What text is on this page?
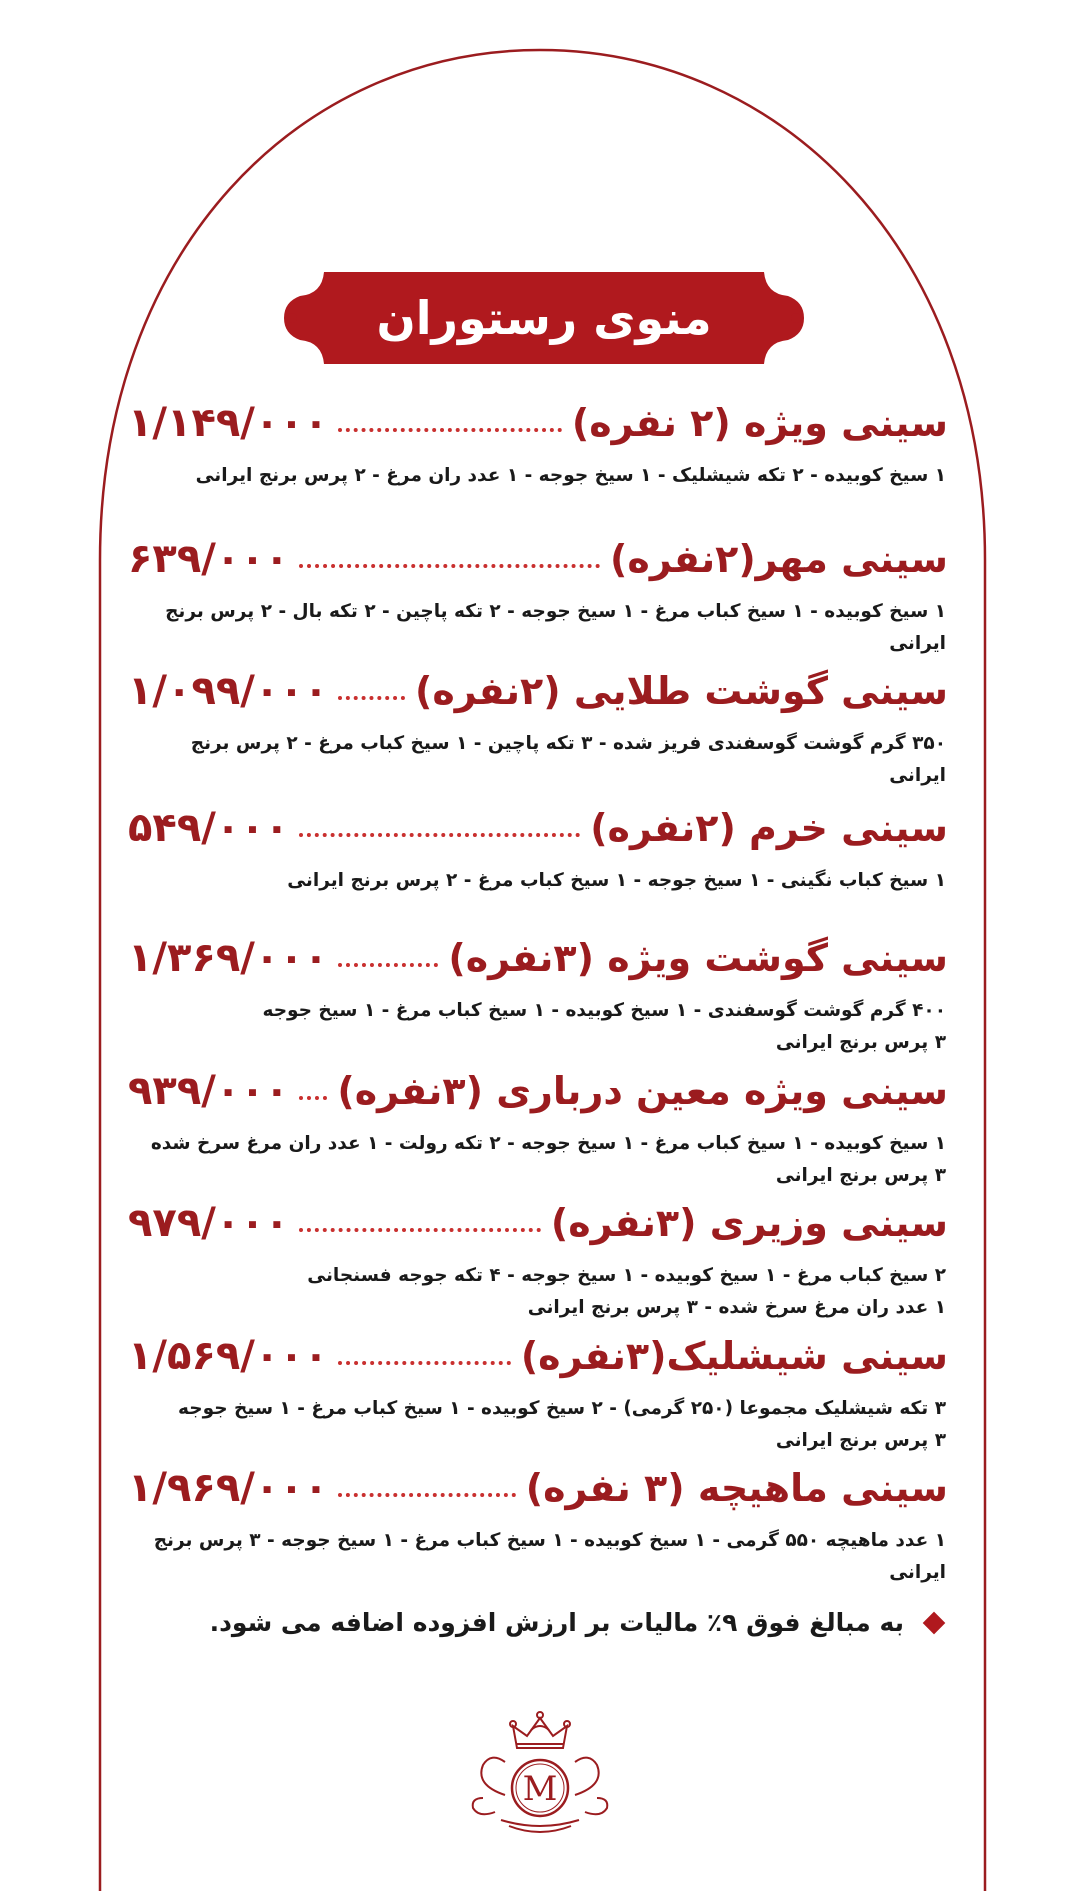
منوی رستوران
سینی ویژه (۲ نفره)
۱/۱۴۹/۰۰۰
۱ سیخ کوبیده - ۲ تکه شیشلیک - ۱ سیخ جوجه - ۱ عدد ران مرغ - ۲ پرس برنج ایرانی
سینی مهر(۲نفره)
۶۳۹/۰۰۰
۱ سیخ کوبیده - ۱ سیخ کباب مرغ - ۱ سیخ جوجه - ۲ تکه پاچین - ۲ تکه بال - ۲ پرس برنج ایرانی
سینی گوشت طلایی (۲نفره)
۱/۰۹۹/۰۰۰
۳۵۰ گرم گوشت گوسفندی فریز شده - ۳ تکه پاچین - ۱ سیخ کباب مرغ - ۲ پرس برنج ایرانی
سینی خرم (۲نفره)
۵۴۹/۰۰۰
۱ سیخ کباب نگینی - ۱ سیخ جوجه - ۱ سیخ کباب مرغ - ۲ پرس برنج ایرانی
سینی گوشت ویژه (۳نفره)
۱/۳۶۹/۰۰۰
۴۰۰ گرم گوشت گوسفندی - ۱ سیخ کوبیده - ۱ سیخ کباب مرغ - ۱ سیخ جوجه
۳ پرس برنج ایرانی
سینی ویژه معین درباری (۳نفره)
۹۳۹/۰۰۰
۱ سیخ کوبیده - ۱ سیخ کباب مرغ - ۱ سیخ جوجه - ۲ تکه رولت - ۱ عدد ران مرغ سرخ شده
۳ پرس برنج ایرانی
سینی وزیری (۳نفره)
۹۷۹/۰۰۰
۲ سیخ کباب مرغ - ۱ سیخ کوبیده - ۱ سیخ جوجه - ۴ تکه جوجه فسنجانی
۱ عدد ران مرغ سرخ شده - ۳ پرس برنج ایرانی
سینی شیشلیک(۳نفره)
۱/۵۶۹/۰۰۰
۳ تکه شیشلیک مجموعا (۲۵۰ گرمی) - ۲ سیخ کوبیده - ۱ سیخ کباب مرغ - ۱ سیخ جوجه
۳ پرس برنج ایرانی
سینی ماهیچه (۳ نفره)
۱/۹۶۹/۰۰۰
۱ عدد ماهیچه ۵۵۰ گرمی - ۱ سیخ کوبیده - ۱ سیخ کباب مرغ - ۱ سیخ جوجه - ۳ پرس برنج ایرانی
به مبالغ فوق ۹٪ مالیات بر ارزش افزوده اضافه می شود.
M
